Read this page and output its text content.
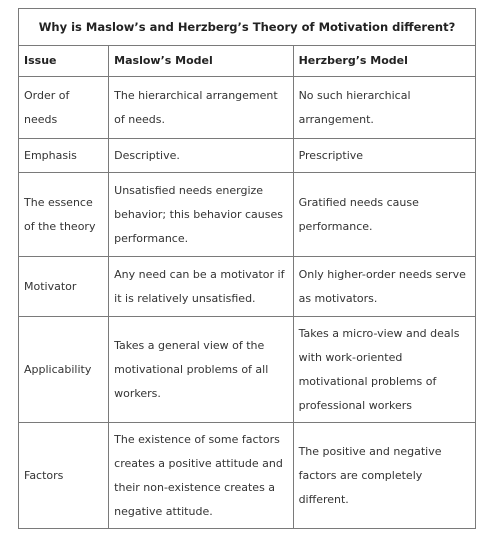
Why is Maslow’s and Herzberg’s Theory of Motivation different?		
Issue	Maslow’s Model	Herzberg’s Model
Order of needs	The hierarchical arrangement of needs.	No such hierarchical arrangement.
Emphasis	Descriptive.	Prescriptive
The essence of the theory	Unsatisfied needs energize behavior; this behavior causes performance.	Gratified needs cause performance.
Motivator	Any need can be a motivator if it is relatively unsatisfied.	Only higher-order needs serve as motivators.
Applicability	Takes a general view of the motivational problems of all workers.	Takes a micro-view and deals with work-oriented motivational problems of professional workers
Factors	The existence of some factors creates a positive attitude and their non-existence creates a negative attitude.	The positive and negative factors are completely different.
